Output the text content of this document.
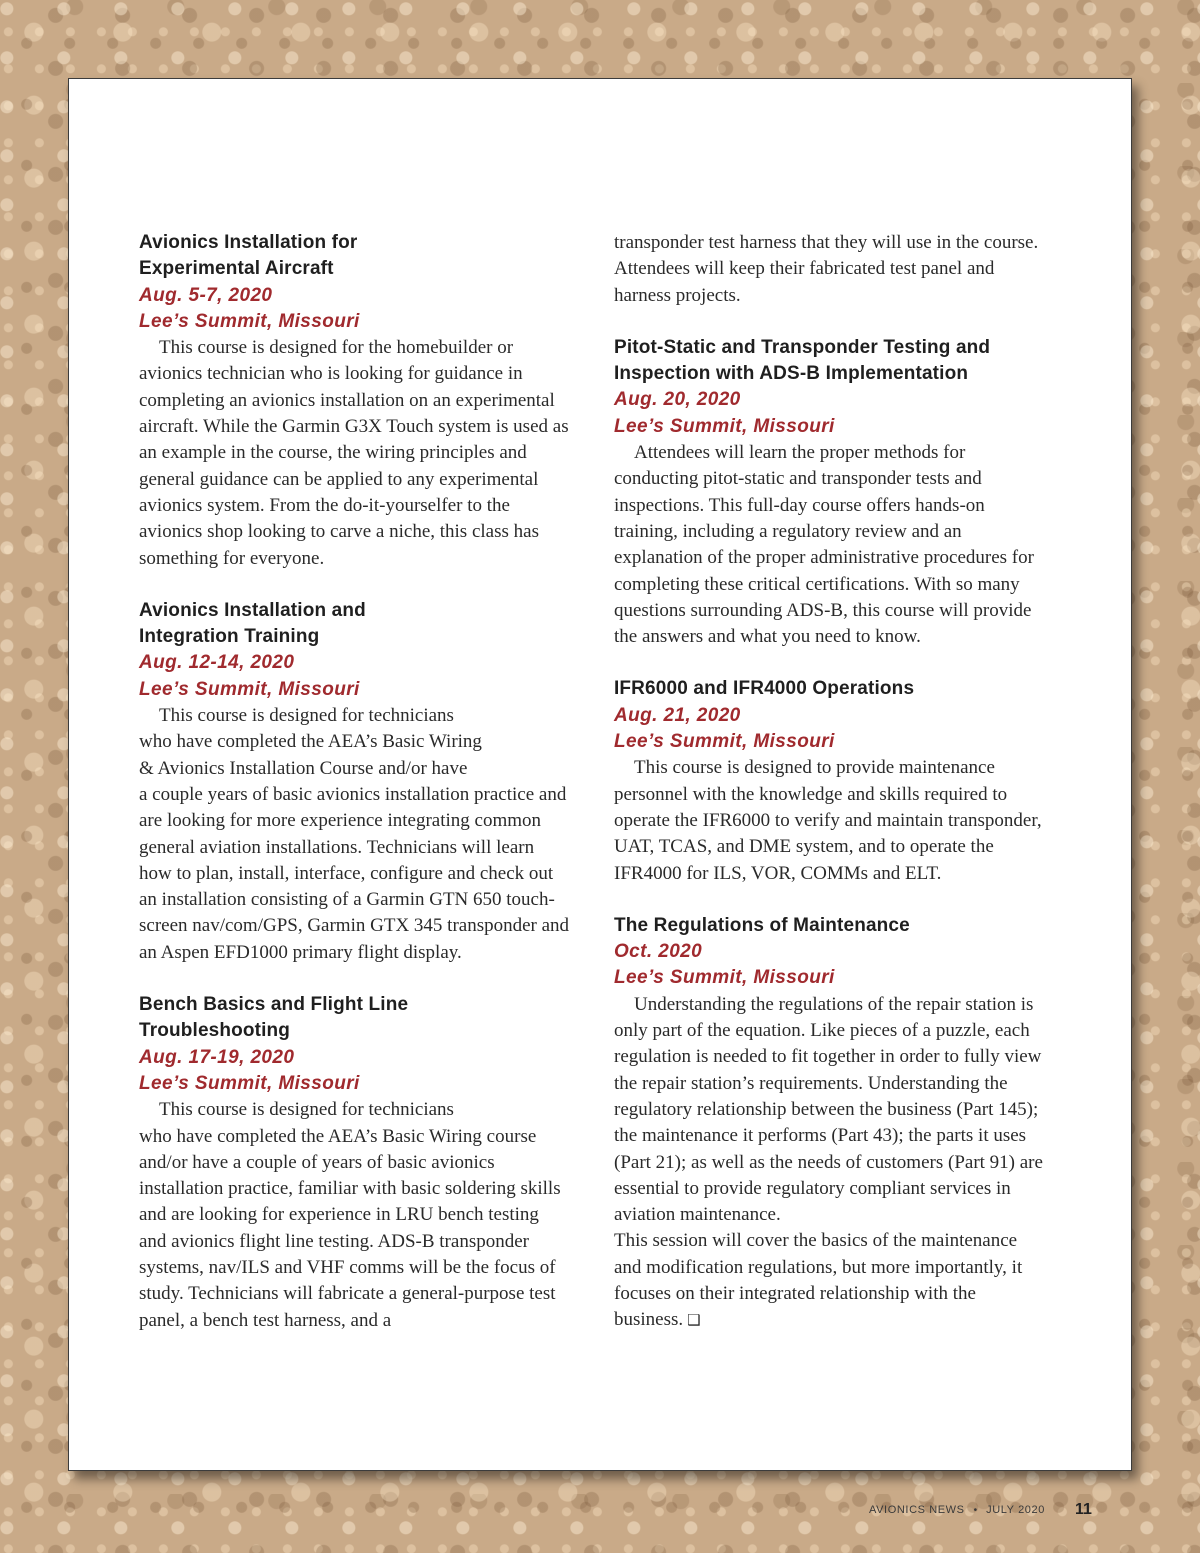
Avionics Installation for
Experimental Aircraft
Aug. 5-7, 2020
Lee’s Summit, Missouri

This course is designed for the homebuilder or avionics technician who is looking for guidance in completing an avionics installation on an experimental aircraft. While the Garmin G3X Touch system is used as an example in the course, the wiring principles and general guidance can be applied to any experimental avionics system. From the do-it-yourselfer to the avionics shop looking to carve a niche, this class has something for everyone.

Avionics Installation and
Integration Training
Aug. 12-14, 2020
Lee’s Summit, Missouri

This course is designed for technicians
who have completed the AEA’s Basic Wiring
& Avionics Installation Course and/or have
a couple years of basic avionics installation practice and are looking for more experience integrating common general aviation installations. Technicians will learn how to plan, install, interface, configure and check out an installation consisting of a Garmin GTN 650 touch-screen nav/com/GPS, Garmin GTX 345 transponder and an Aspen EFD1000 primary flight display.

Bench Basics and Flight Line
Troubleshooting
Aug. 17-19, 2020
Lee’s Summit, Missouri

This course is designed for technicians
who have completed the AEA’s Basic Wiring course and/or have a couple of years of basic avionics installation practice, familiar with basic soldering skills and are looking for experience in LRU bench testing and avionics flight line testing. ADS-B transponder systems, nav/ILS and VHF comms will be the focus of study. Technicians will fabricate a general-purpose test panel, a bench test harness, and a

transponder test harness that they will use in the course. Attendees will keep their fabricated test panel and harness projects.

Pitot-Static and Transponder Testing and Inspection with ADS-B Implementation
Aug. 20, 2020
Lee’s Summit, Missouri

Attendees will learn the proper methods for conducting pitot-static and transponder tests and inspections. This full-day course offers hands-on training, including a regulatory review and an explanation of the proper administrative procedures for completing these critical certifications. With so many questions surrounding ADS-B, this course will provide the answers and what you need to know.

IFR6000 and IFR4000 Operations
Aug. 21, 2020
Lee’s Summit, Missouri

This course is designed to provide maintenance personnel with the knowledge and skills required to operate the IFR6000 to verify and maintain transponder, UAT, TCAS, and DME system, and to operate the IFR4000 for ILS, VOR, COMMs and ELT.

The Regulations of Maintenance
Oct. 2020
Lee’s Summit, Missouri

Understanding the regulations of the repair station is only part of the equation. Like pieces of a puzzle, each regulation is needed to fit together in order to fully view the repair station’s requirements. Understanding the regulatory relationship between the business (Part 145); the maintenance it performs (Part 43); the parts it uses (Part 21); as well as the needs of customers (Part 91) are essential to provide regulatory compliant services in aviation maintenance.
This session will cover the basics of the maintenance and modification regulations, but more importantly, it focuses on their integrated relationship with the business. ❑

AVIONICS NEWS • JULY 2020 11
